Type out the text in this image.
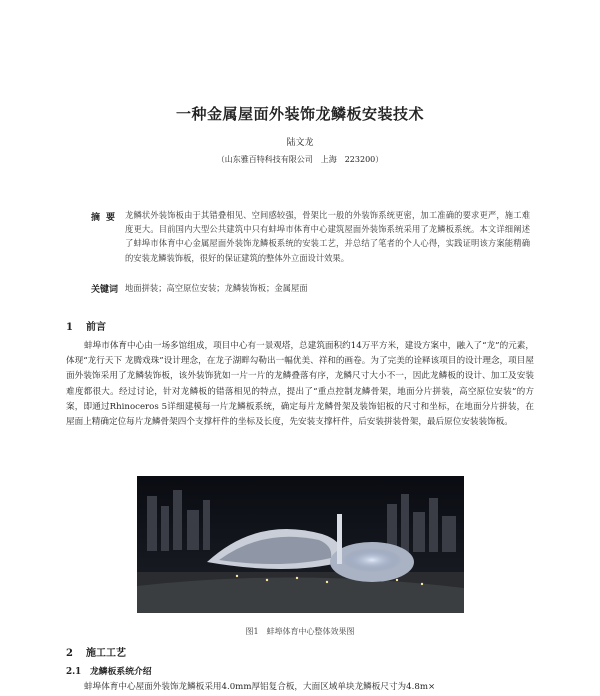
一种金属屋面外装饰龙鳞板安装技术
陆文龙
（山东雅百特科技有限公司　上海　223200）
摘要 龙鳞状外装饰板由于其错叠相见、空间感较强，骨架比一般的外装饰系统更密，加工准确的要求更严，施工难度更大。目前国内大型公共建筑中只有蚌埠市体育中心建筑屋面外装饰系统采用了龙鳞板系统。本文详细阐述了蚌埠市体育中心金属屋面外装饰龙鳞板系统的安装工艺，并总结了笔者的个人心得，实践证明该方案能精确的安装龙鳞装饰板，很好的保证建筑的整体外立面设计效果。
关键词 地面拼装；高空原位安装；龙鳞装饰板；金属屋面
1 前言
蚌埠市体育中心由一场多馆组成，项目中心有一景观塔，总建筑面积约14万平方米，建设方案中，融入了“龙”的元素，体现“龙行天下 龙腾戏珠”设计理念，在龙子湖畔勾勒出一幅优美、祥和的画卷。为了完美的诠释该项目的设计理念，项目屋面外装饰采用了龙鳞装饰板，该外装饰犹如一片一片的龙鳞叠落有序，龙鳞尺寸大小不一，因此龙鳞板的设计、加工及安装难度都很大。经过讨论，针对龙鳞板的错落相见的特点，提出了“重点控制龙鳞骨架，地面分片拼装，高空原位安装”的方案，即通过Rhinoceros 5详细建模每一片龙鳞板系统，确定每片龙鳞骨架及装饰铝板的尺寸和坐标，在地面分片拼装，在屋面上精确定位每片龙鳞骨架四个支撑杆件的坐标及长度，先安装支撑杆件，后安装拼装骨架，最后原位安装装饰板。
图1　蚌埠体育中心整体效果图
2 施工工艺
2.1 龙鳞板系统介绍
蚌埠体育中心屋面外装饰龙鳞板采用4.0mm厚铝复合板，大面区域单块龙鳞板尺寸为4.8m×
